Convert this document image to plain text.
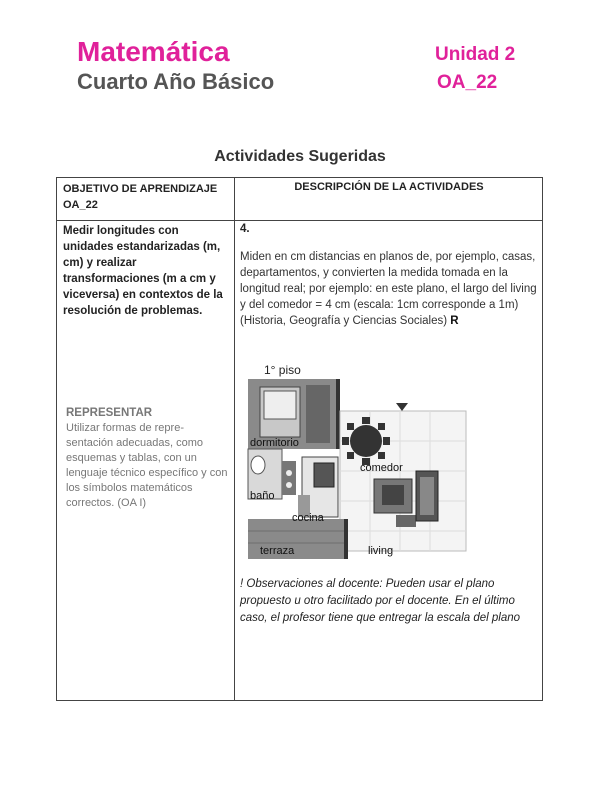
Matemática
Cuarto Año Básico
Unidad 2
OA_22
Actividades Sugeridas
OBJETIVO DE APRENDIZAJE OA_22
DESCRIPCIÓN DE LA ACTIVIDADES
Medir longitudes con unidades estandarizadas (m, cm) y realizar transformaciones (m a cm y viceversa) en contextos de la resolución de problemas.
REPRESENTAR
Utilizar formas de repre-sentación adecuadas, como esquemas y tablas, con un lenguaje técnico específico y con los símbolos matemáticos correctos. (OA I)
4.
Miden en cm distancias en planos de, por ejemplo, casas, departamentos, y convierten la medida tomada en la longitud real; por ejemplo: en este plano, el largo del living y del comedor = 4 cm (escala: 1cm corresponde a 1m) (Historia, Geografía y Ciencias Sociales) R
1° piso
dormitorio
comedor
baño
cocina
terraza	living
! Observaciones al docente: Pueden usar el plano propuesto u otro facilitado por el docente. En el último caso, el profesor tiene que entregar la escala del plano
